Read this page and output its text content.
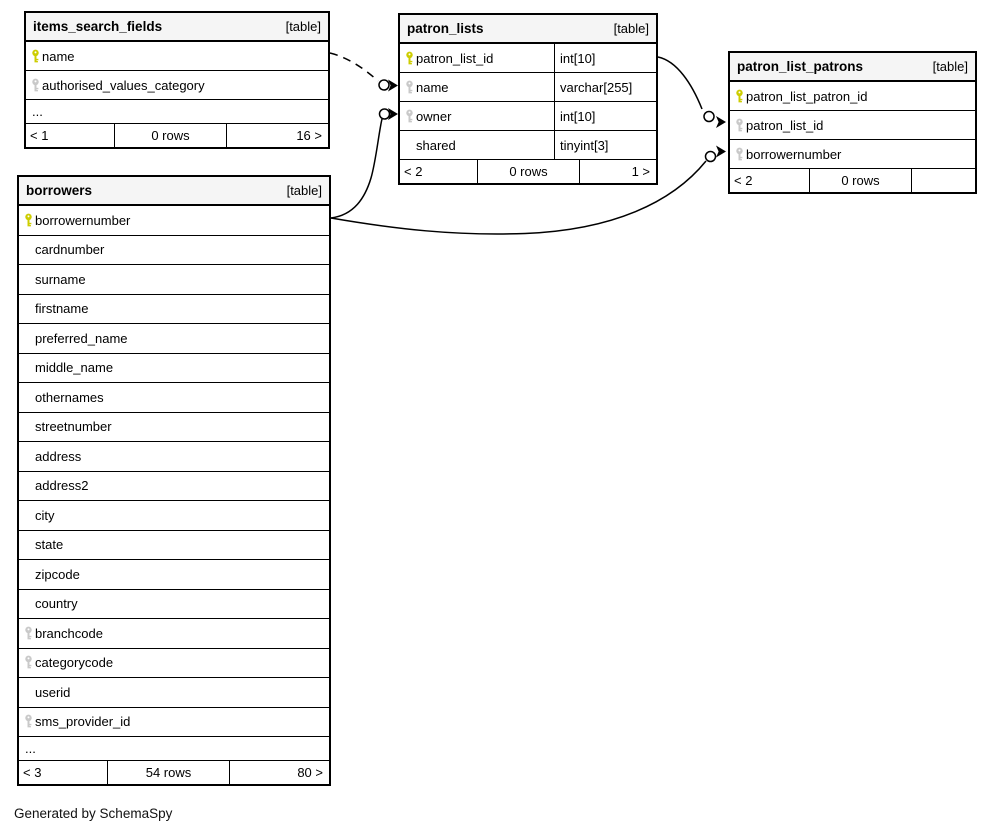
items_search_fields	[table]
name
authorised_values_category
...
< 1	0 rows	16 >
patron_lists	[table]
patron_list_id	int[10]
name	varchar[255]
owner	int[10]
shared	tinyint[3]
< 2	0 rows	1 >
patron_list_patrons	[table]
patron_list_patron_id
patron_list_id
borrowernumber
< 2	0 rows
borrowers	[table]
borrowernumber
cardnumber
surname
firstname
preferred_name
middle_name
othernames
streetnumber
address
address2
city
state
zipcode
country
branchcode
categorycode
userid
sms_provider_id
...
< 3	54 rows	80 >
Generated by SchemaSpy
